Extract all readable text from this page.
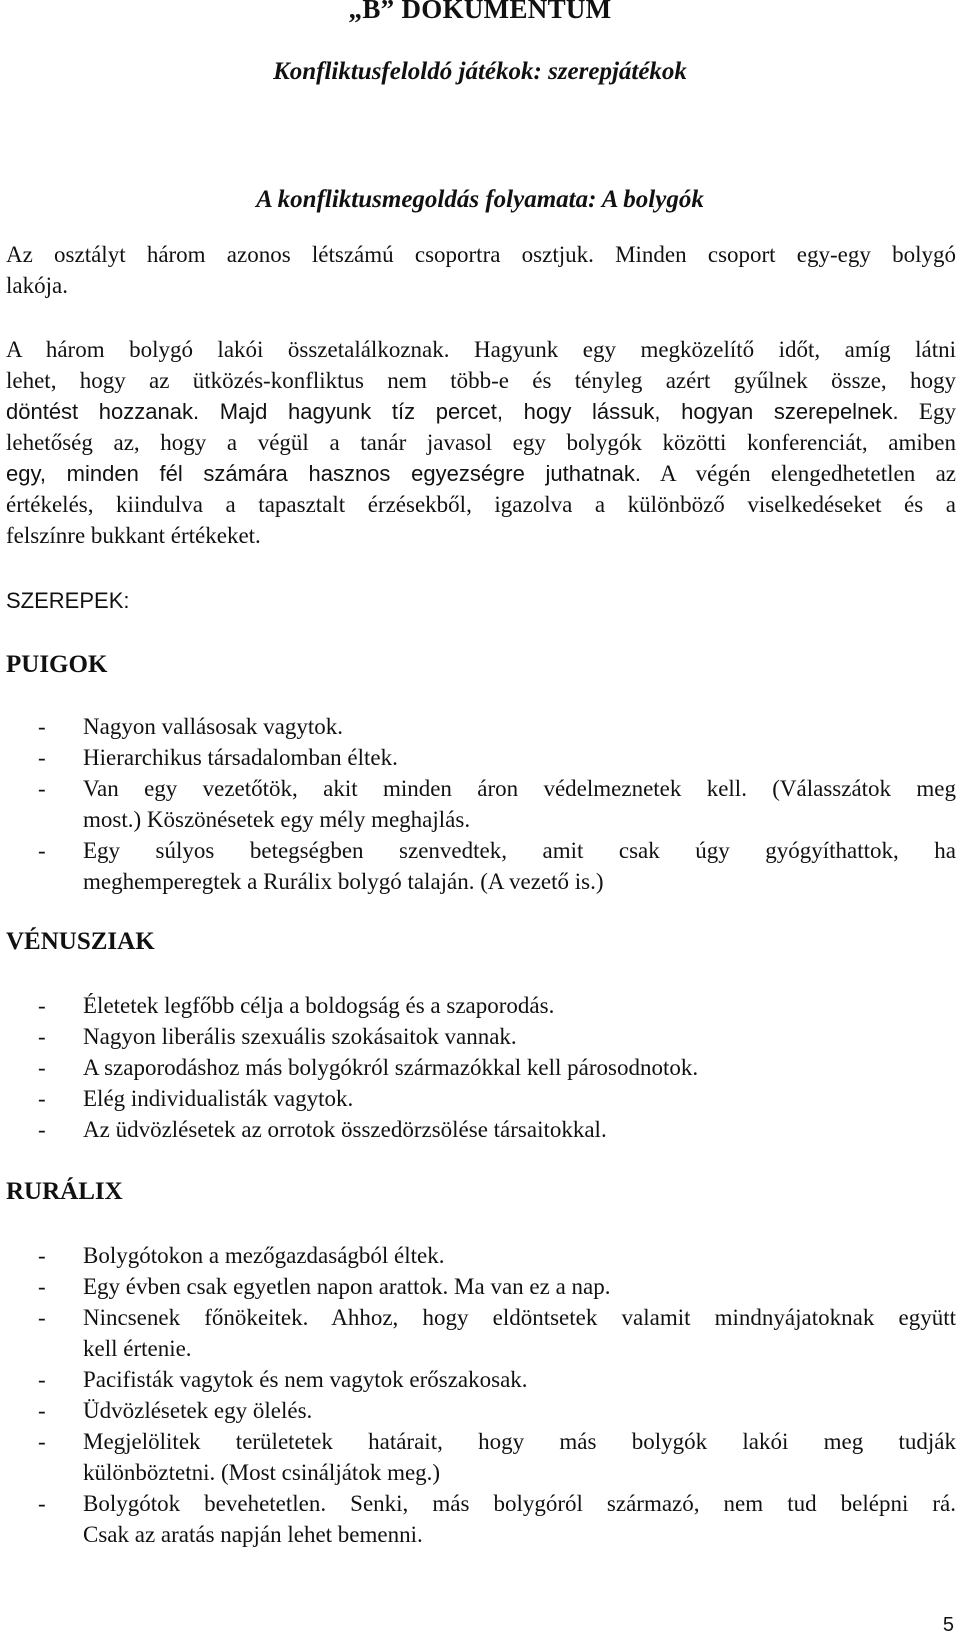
„B” DOKUMENTUM
Konfliktusfeloldó játékok: szerepjátékok
A konfliktusmegoldás folyamata: A bolygók

Az osztályt három azonos létszámú csoportra osztjuk. Minden csoport egy-egy bolygó
lakója.

A három bolygó lakói összetalálkoznak. Hagyunk egy megközelítő időt, amíg látni
lehet, hogy az ütközés-konfliktus nem több-e és tényleg azért gyűlnek össze, hogy
döntést hozzanak. Majd hagyunk tíz percet, hogy lássuk, hogyan szerepelnek. Egy
lehetőség az, hogy a végül a tanár javasol egy bolygók közötti konferenciát, amiben
egy, minden fél számára hasznos egyezségre juthatnak. A végén elengedhetetlen az
értékelés, kiindulva a tapasztalt érzésekből, igazolva a különböző viselkedéseket és a
felszínre bukkant értékeket.

SZEREPEK:
PUIGOK
- Nagyon vallásosak vagytok.
- Hierarchikus társadalomban éltek.
- Van egy vezetőtök, akit minden áron védelmeznetek kell. (Válasszátok meg
most.) Köszönésetek egy mély meghajlás.
- Egy súlyos betegségben szenvedtek, amit csak úgy gyógyíthattok, ha
meghemperegtek a Rurálix bolygó talaján. (A vezető is.)
VÉNUSZIAK
- Életetek legfőbb célja a boldogság és a szaporodás.
- Nagyon liberális szexuális szokásaitok vannak.
- A szaporodáshoz más bolygókról származókkal kell párosodnotok.
- Elég individualisták vagytok.
- Az üdvözlésetek az orrotok összedörzsölése társaitokkal.
RURÁLIX
- Bolygótokon a mezőgazdaságból éltek.
- Egy évben csak egyetlen napon arattok. Ma van ez a nap.
- Nincsenek főnökeitek. Ahhoz, hogy eldöntsetek valamit mindnyájatoknak együtt
kell értenie.
- Pacifisták vagytok és nem vagytok erőszakosak.
- Üdvözlésetek egy ölelés.
- Megjelölitek területetek határait, hogy más bolygók lakói meg tudják
különböztetni. (Most csináljátok meg.)
- Bolygótok bevehetetlen. Senki, más bolygóról származó, nem tud belépni rá.
Csak az aratás napján lehet bemenni.
5
